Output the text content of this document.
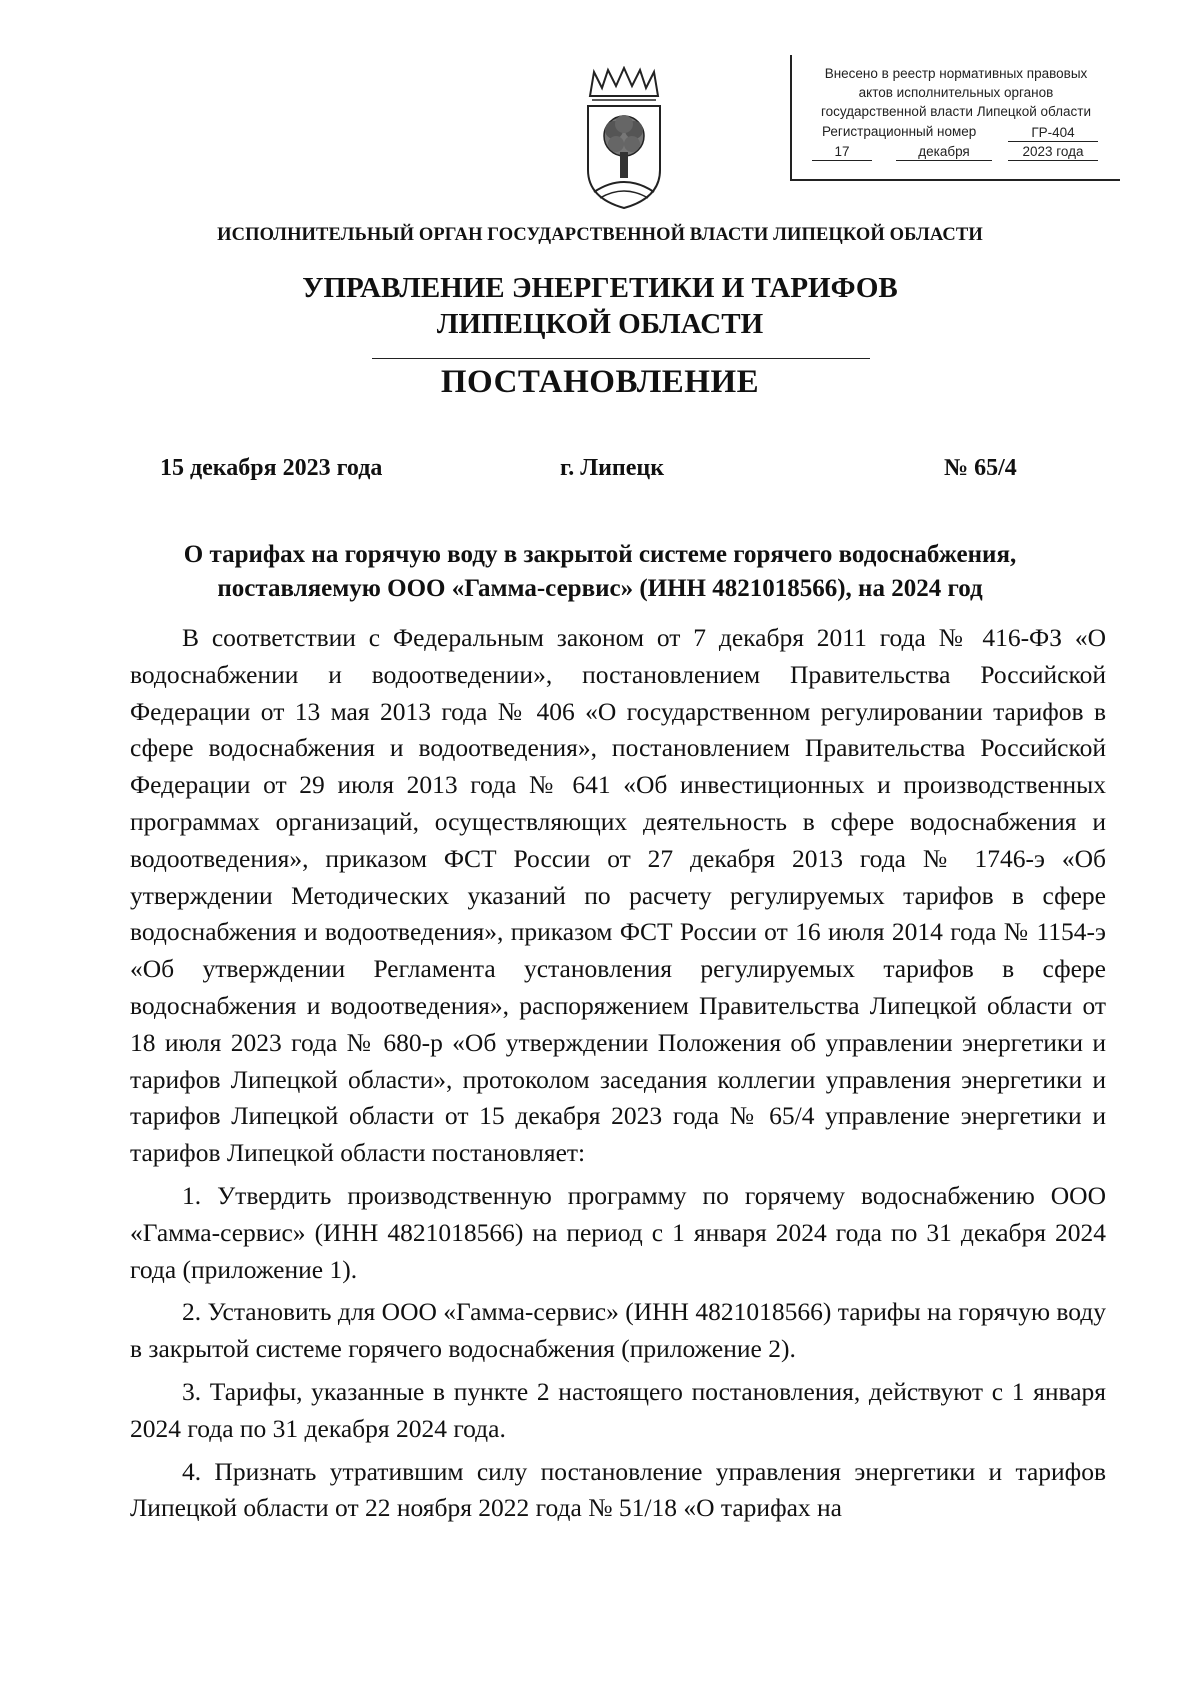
Внесено в реестр нормативных правовых
актов исполнительных органов
государственной власти Липецкой области
Регистрационный номер	ГР-404
17	декабря	2023 года
ИСПОЛНИТЕЛЬНЫЙ ОРГАН ГОСУДАРСТВЕННОЙ ВЛАСТИ ЛИПЕЦКОЙ ОБЛАСТИ
УПРАВЛЕНИЕ ЭНЕРГЕТИКИ И ТАРИФОВ
ЛИПЕЦКОЙ ОБЛАСТИ
ПОСТАНОВЛЕНИЕ
15 декабря 2023 года	г. Липецк	№ 65/4
О тарифах на горячую воду в закрытой системе горячего водоснабжения,
поставляемую ООО «Гамма-сервис» (ИНН 4821018566), на 2024 год

В соответствии с Федеральным законом от 7 декабря 2011 года № 416-ФЗ «О водоснабжении и водоотведении», постановлением Правительства Российской Федерации от 13 мая 2013 года № 406 «О государственном регулировании тарифов в сфере водоснабжения и водоотведения», постановлением Правительства Российской Федерации от 29 июля 2013 года № 641 «Об инвестиционных и производственных программах организаций, осуществляющих деятельность в сфере водоснабжения и водоотведения», приказом ФСТ России от 27 декабря 2013 года № 1746-э «Об утверждении Методических указаний по расчету регулируемых тарифов в сфере водоснабжения и водоотведения», приказом ФСТ России от 16 июля 2014 года № 1154-э «Об утверждении Регламента установления регулируемых тарифов в сфере водоснабжения и водоотведения», распоряжением Правительства Липецкой области от 18 июля 2023 года № 680-р «Об утверждении Положения об управлении энергетики и тарифов Липецкой области», протоколом заседания коллегии управления энергетики и тарифов Липецкой области от 15 декабря 2023 года № 65/4 управление энергетики и тарифов Липецкой области постановляет:

1. Утвердить производственную программу по горячему водоснабжению ООО «Гамма-сервис» (ИНН 4821018566) на период с 1 января 2024 года по 31 декабря 2024 года (приложение 1).

2. Установить для ООО «Гамма-сервис» (ИНН 4821018566) тарифы на горячую воду в закрытой системе горячего водоснабжения (приложение 2).

3. Тарифы, указанные в пункте 2 настоящего постановления, действуют с 1 января 2024 года по 31 декабря 2024 года.

4. Признать утратившим силу постановление управления энергетики и тарифов Липецкой области от 22 ноября 2022 года № 51/18 «О тарифах на
